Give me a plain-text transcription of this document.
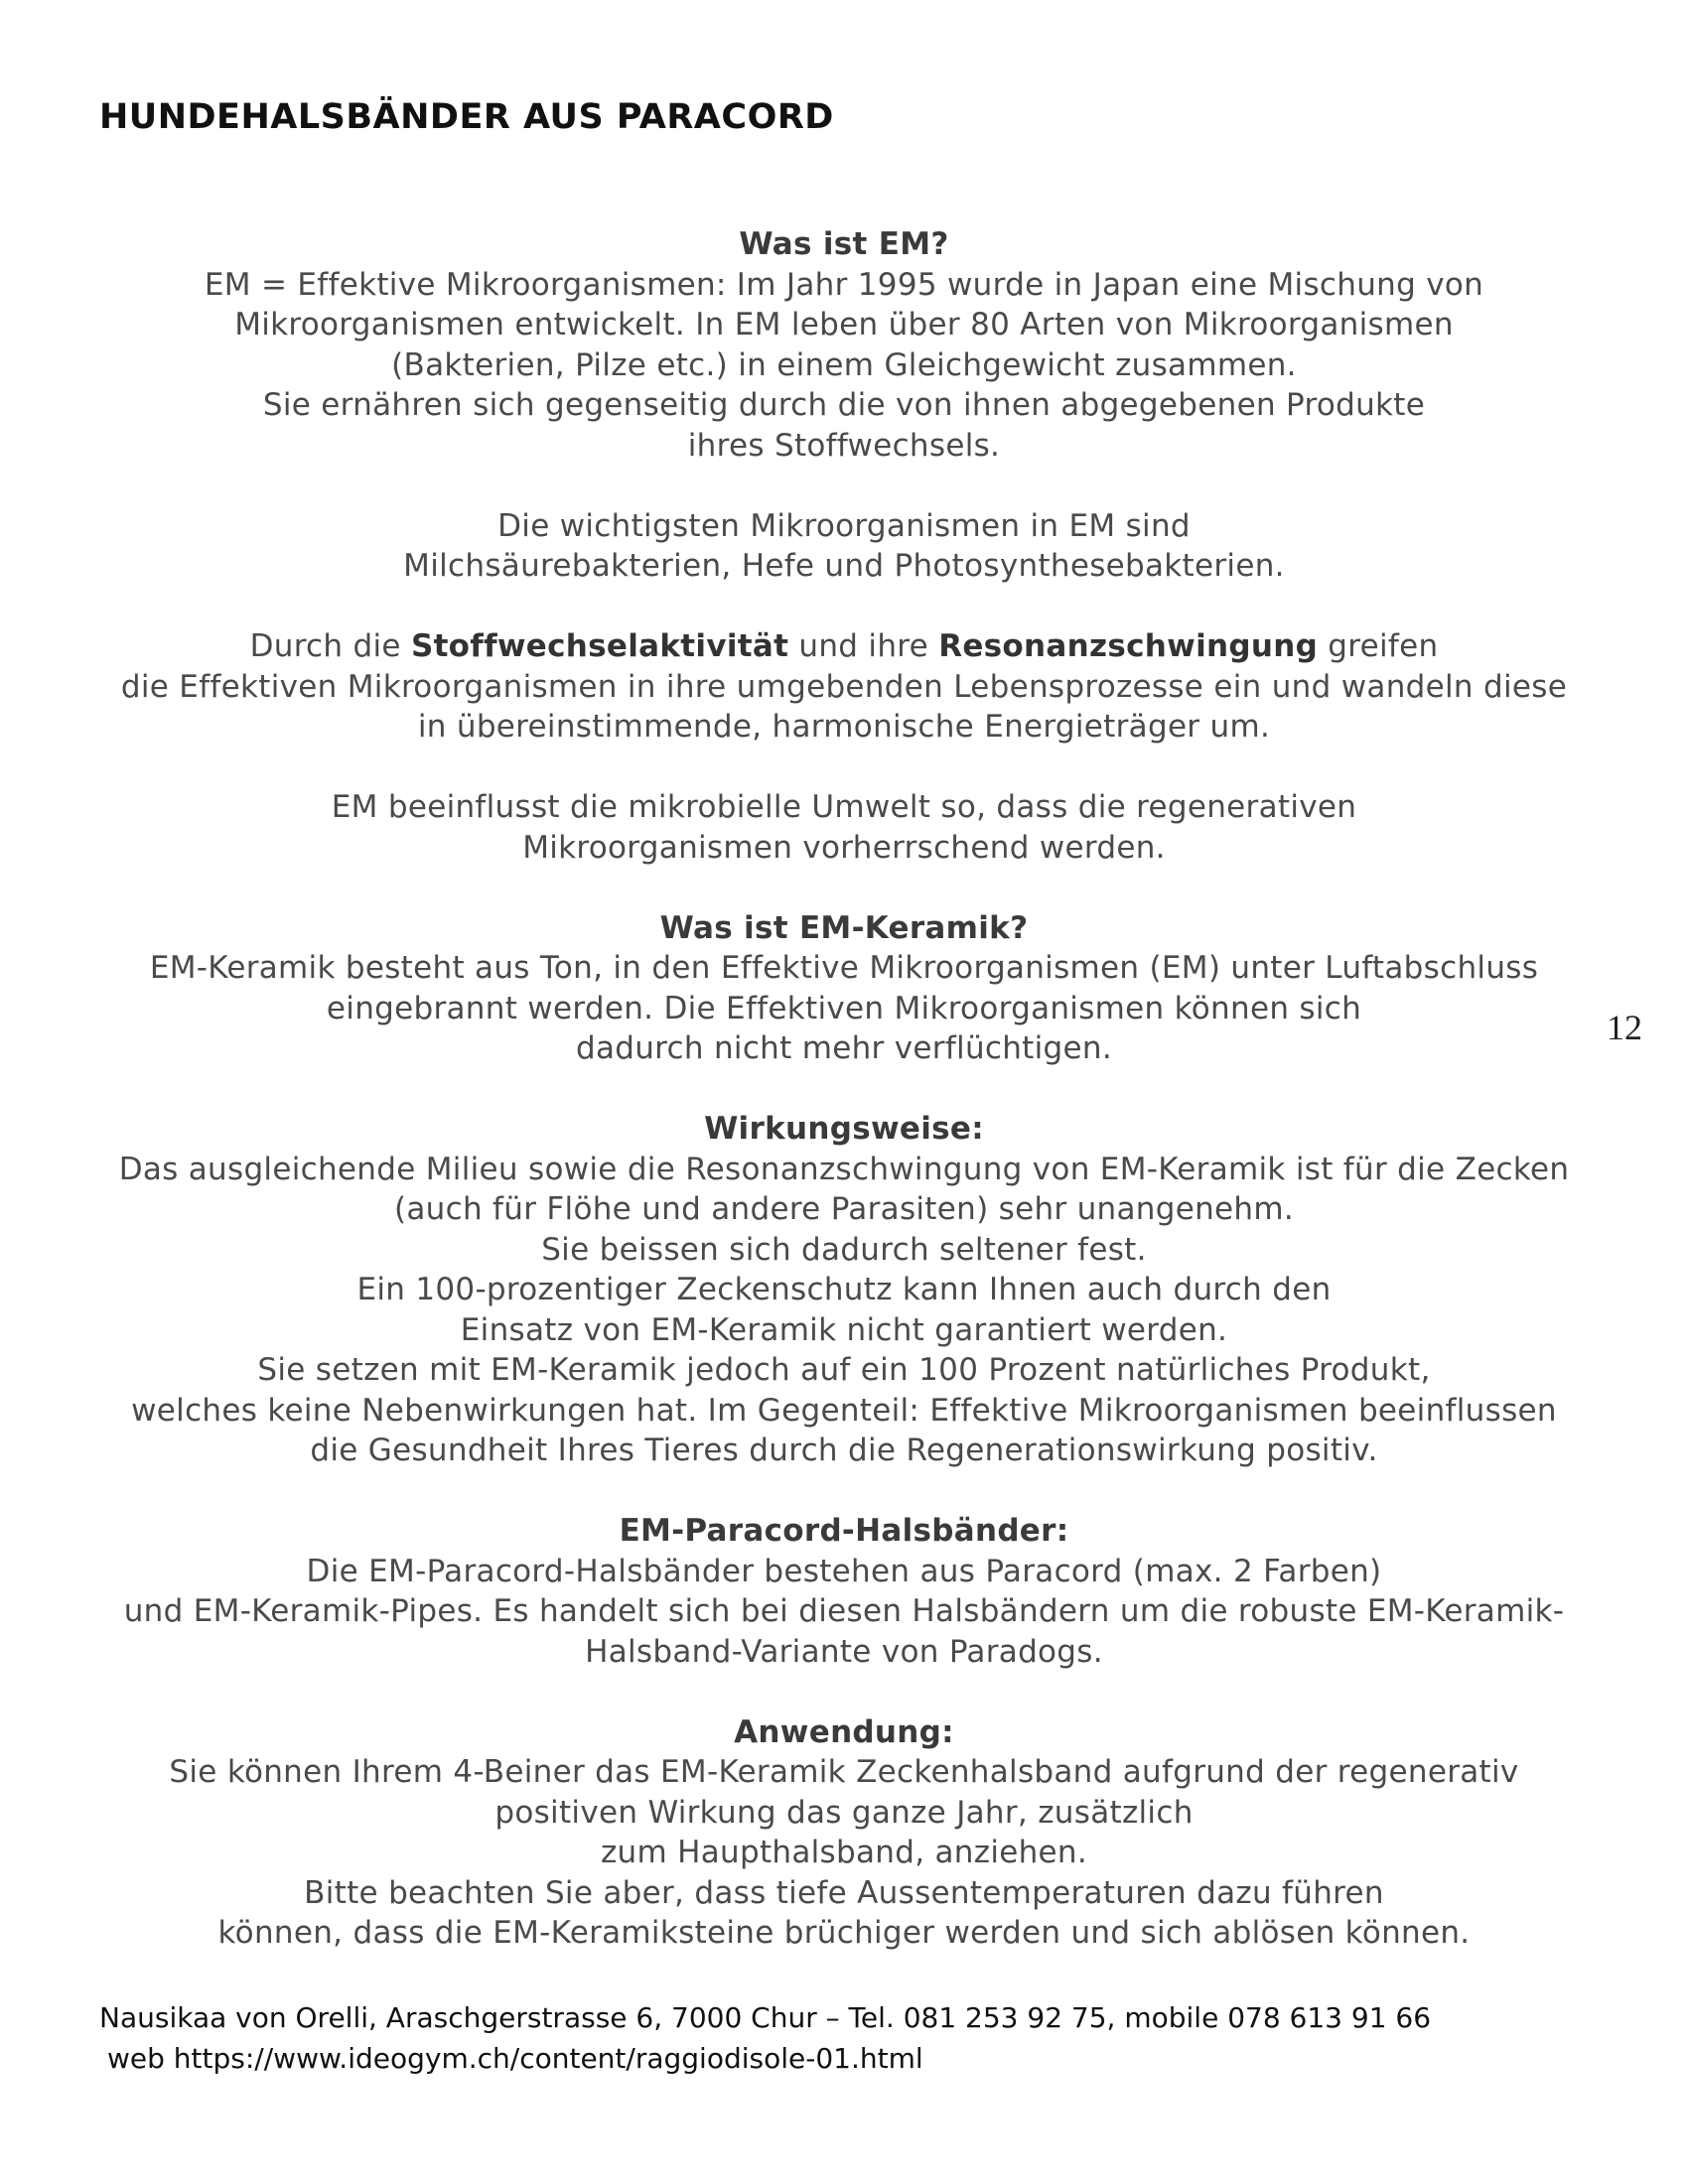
HUNDEHALSBÄNDER AUS PARACORD
12
Was ist EM?
EM = Effektive Mikroorganismen: Im Jahr 1995 wurde in Japan eine Mischung von
Mikroorganismen entwickelt. In EM leben über 80 Arten von Mikroorganismen
(Bakterien, Pilze etc.) in einem Gleichgewicht zusammen.
Sie ernähren sich gegenseitig durch die von ihnen abgegebenen Produkte
ihres Stoffwechsels.
Die wichtigsten Mikroorganismen in EM sind
Milchsäurebakterien, Hefe und Photosynthesebakterien.
Durch die Stoffwechselaktivität und ihre Resonanzschwingung greifen
die Effektiven Mikroorganismen in ihre umgebenden Lebensprozesse ein und wandeln diese
in übereinstimmende, harmonische Energieträger um.
EM beeinflusst die mikrobielle Umwelt so, dass die regenerativen
Mikroorganismen vorherrschend werden.
Was ist EM-Keramik?
EM-Keramik besteht aus Ton, in den Effektive Mikroorganismen (EM) unter Luftabschluss
eingebrannt werden. Die Effektiven Mikroorganismen können sich
dadurch nicht mehr verflüchtigen.
Wirkungsweise:
Das ausgleichende Milieu sowie die Resonanzschwingung von EM-Keramik ist für die Zecken
(auch für Flöhe und andere Parasiten) sehr unangenehm.
Sie beissen sich dadurch seltener fest.
Ein 100-prozentiger Zeckenschutz kann Ihnen auch durch den
Einsatz von EM-Keramik nicht garantiert werden.
Sie setzen mit EM-Keramik jedoch auf ein 100 Prozent natürliches Produkt,
welches keine Nebenwirkungen hat. Im Gegenteil: Effektive Mikroorganismen beeinflussen
die Gesundheit Ihres Tieres durch die Regenerationswirkung positiv.
EM-Paracord-Halsbänder:
Die EM-Paracord-Halsbänder bestehen aus Paracord (max. 2 Farben)
und EM-Keramik-Pipes. Es handelt sich bei diesen Halsbändern um die robuste EM-Keramik-
Halsband-Variante von Paradogs.
Anwendung:
Sie können Ihrem 4-Beiner das EM-Keramik Zeckenhalsband aufgrund der regenerativ
positiven Wirkung das ganze Jahr, zusätzlich
zum Haupthalsband, anziehen.
Bitte beachten Sie aber, dass tiefe Aussentemperaturen dazu führen
können, dass die EM-Keramiksteine brüchiger werden und sich ablösen können.
Nausikaa von Orelli, Araschgerstrasse 6, 7000 Chur – Tel. 081 253 92 75, mobile 078 613 91 66
web https://www.ideogym.ch/content/raggiodisole-01.html
